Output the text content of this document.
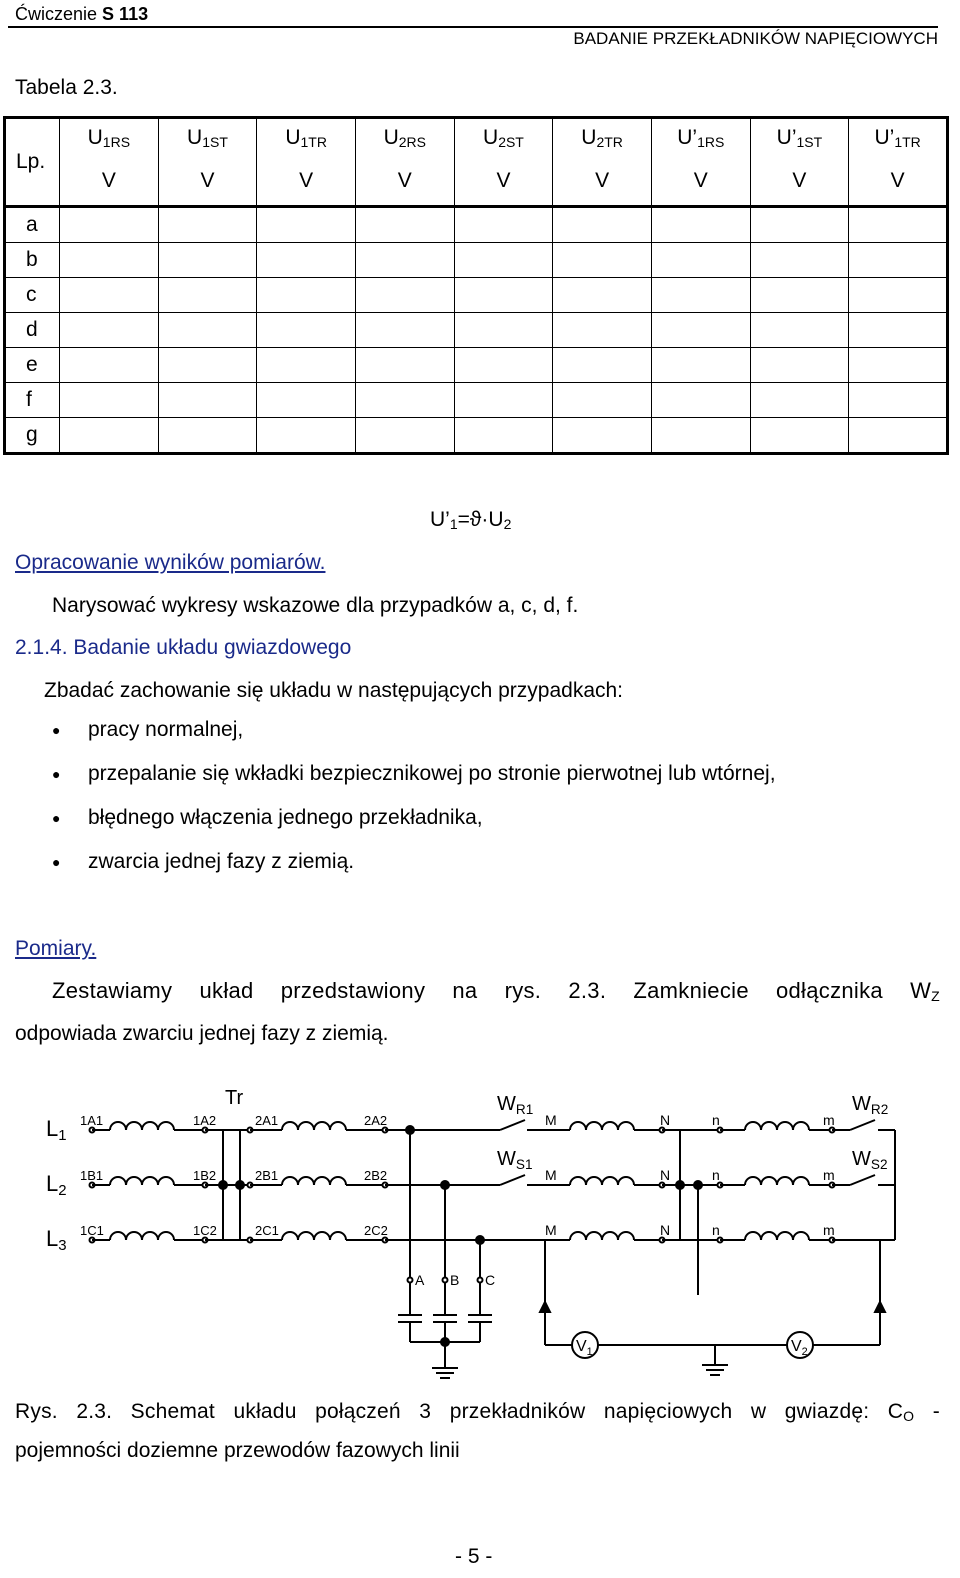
Ćwiczenie S 113
BADANIE PRZEKŁADNIKÓW NAPIĘCIOWYCH
Tabela 2.3.
Lp.	$U_{1RS}$	$U_{1ST}$	$U_{1TR}$	$U_{2RS}$	$U_{2ST}$	$U_{2TR}$	$U’_{1RS}$	$U’_{1ST}$	$U’_{1TR}$
	V	V	V	V	V	V	V	V	V
a									
b									
c									
d									
e									
f									
g									
$U’_1=ϑ\cdot U_2$
Opracowanie wyników pomiarów.
Narysować wykresy wskazowe dla przypadków a, c, d, f.
2.1.4. Badanie układu gwiazdowego
Zbadać zachowanie się układu w następujących przypadkach:
● pracy normalnej,
● przepalanie się wkładki bezpiecznikowej po stronie pierwotnej lub wtórnej,
● błędnego włączenia jednego przekładnika,
● zwarcia jednej fazy z ziemią.
Pomiary.
Zestawiamy układ przedstawiony na rys. 2.3. Zamkniecie odłącznika $W_Z$
odpowiada zwarciu jednej fazy z ziemią.
L1
1A1	1A2	2A1	2A2
L2
1B1	1B2	2B1	2B2
L3
1C1	1C2	2C1	2C2
Tr	$W_{R1}$
$W_{S1}$
M	N
M	N
M	N
n	m
n	m
n	m
$W_{R2}$
$W_{S2}$
A B C
$V_1$	$V_2$
Rys. 2.3. Schemat układu połączeń 3 przekładników napięciowych w gwiazdę: $C_O$ -
pojemności doziemne przewodów fazowych linii
- 5 -
